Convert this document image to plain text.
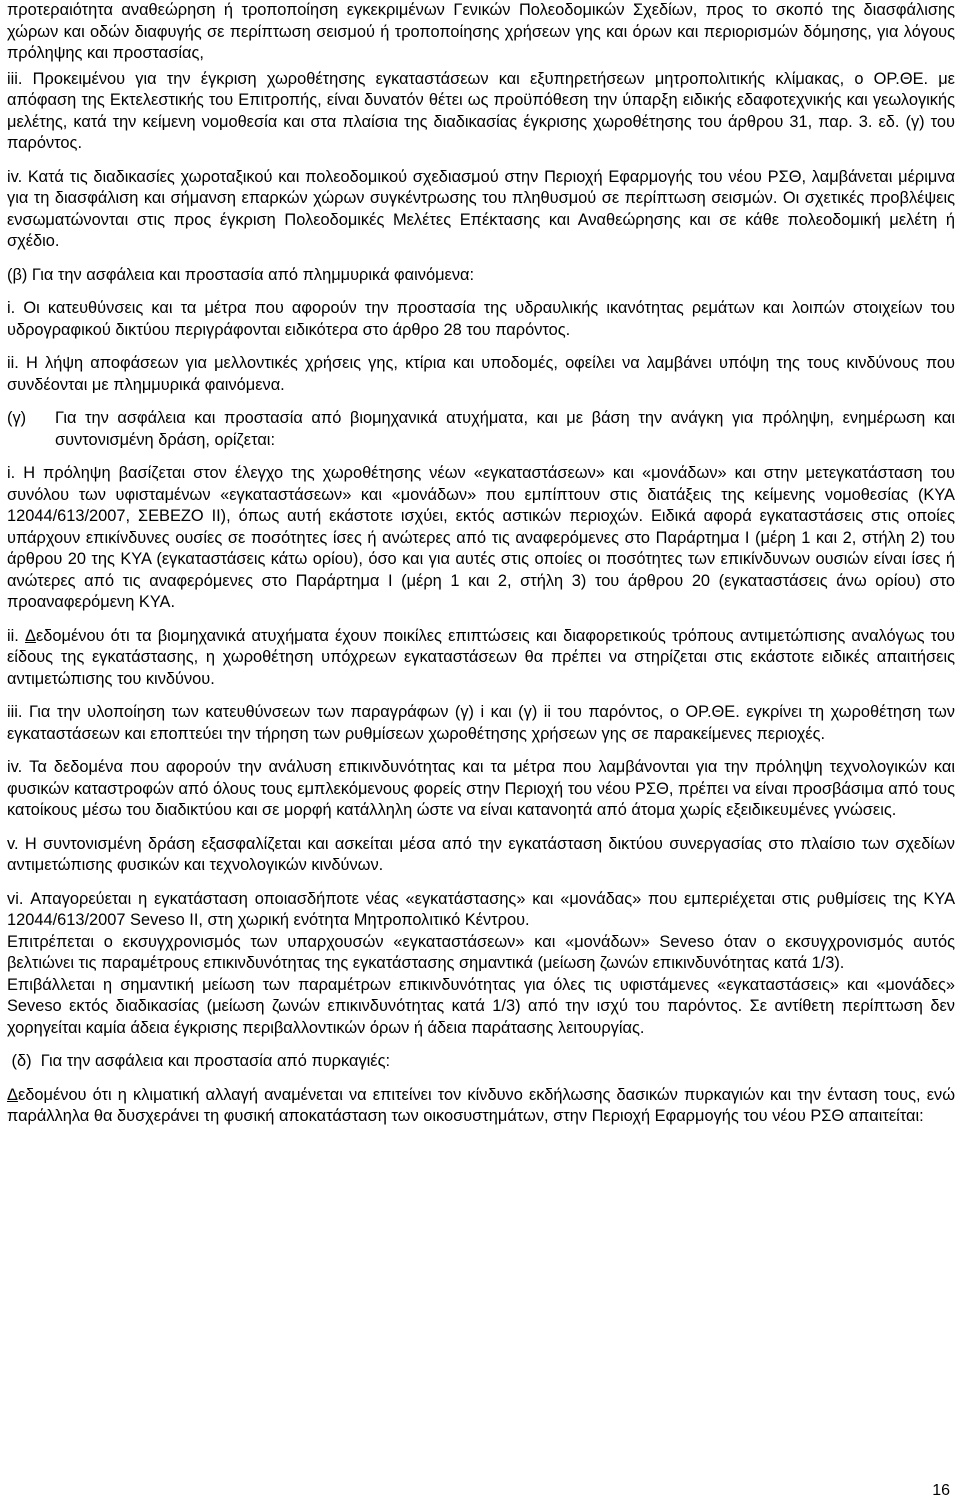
προτεραιότητα αναθεώρηση ή τροποποίηση εγκεκριμένων Γενικών Πολεοδομικών Σχεδίων, προς το σκοπό της διασφάλισης χώρων και οδών διαφυγής σε περίπτωση σεισμού ή τροποποίησης χρήσεων γης και όρων και περιορισμών δόμησης, για λόγους πρόληψης και προστασίας,

iii. Προκειμένου για την έγκριση χωροθέτησης εγκαταστάσεων και εξυπηρετήσεων μητροπολιτικής κλίμακας, ο ΟΡ.ΘΕ. με απόφαση της Εκτελεστικής του Επιτροπής, είναι δυνατόν θέτει ως προϋπόθεση την ύπαρξη ειδικής εδαφοτεχνικής και γεωλογικής μελέτης, κατά την κείμενη νομοθεσία και στα πλαίσια της διαδικασίας έγκρισης χωροθέτησης του άρθρου 31, παρ. 3. εδ. (γ) του παρόντος.

iv. Κατά τις διαδικασίες χωροταξικού και πολεοδομικού σχεδιασμού στην Περιοχή Εφαρμογής του νέου ΡΣΘ, λαμβάνεται μέριμνα για τη διασφάλιση και σήμανση επαρκών χώρων συγκέντρωσης του πληθυσμού σε περίπτωση σεισμών. Οι σχετικές προβλέψεις ενσωματώνονται στις προς έγκριση Πολεοδομικές Μελέτες Επέκτασης και Αναθεώρησης και σε κάθε πολεοδομική μελέτη ή σχέδιο.

(β) Για την ασφάλεια και προστασία από πλημμυρικά φαινόμενα:

i. Οι κατευθύνσεις και τα μέτρα που αφορούν την προστασία της υδραυλικής ικανότητας ρεμάτων και λοιπών στοιχείων του υδρογραφικού δικτύου περιγράφονται ειδικότερα στο άρθρο 28 του παρόντος.

ii. Η λήψη αποφάσεων για μελλοντικές χρήσεις γης, κτίρια και υποδομές, οφείλει να λαμβάνει υπόψη της τους κινδύνους που συνδέονται με πλημμυρικά φαινόμενα.

(γ)	Για την ασφάλεια και προστασία από βιομηχανικά ατυχήματα, και με βάση την ανάγκη για πρόληψη, ενημέρωση και συντονισμένη δράση, ορίζεται:

i. Η πρόληψη βασίζεται στον έλεγχο της χωροθέτησης νέων «εγκαταστάσεων» και «μονάδων» και στην μετεγκατάσταση του συνόλου των υφισταμένων «εγκαταστάσεων» και «μονάδων» που εμπίπτουν στις διατάξεις της κείμενης νομοθεσίας (ΚΥΑ 12044/613/2007, ΣΕΒΕΖΟ ΙΙ), όπως αυτή εκάστοτε ισχύει, εκτός αστικών περιοχών. Ειδικά αφορά εγκαταστάσεις στις οποίες υπάρχουν επικίνδυνες ουσίες σε ποσότητες ίσες ή ανώτερες από τις αναφερόμενες στο Παράρτημα Ι (μέρη 1 και 2, στήλη 2) του άρθρου 20 της ΚΥΑ (εγκαταστάσεις κάτω ορίου), όσο και για αυτές στις οποίες οι ποσότητες των επικίνδυνων ουσιών είναι ίσες ή ανώτερες από τις αναφερόμενες στο Παράρτημα Ι (μέρη 1 και 2, στήλη 3) του άρθρου 20 (εγκαταστάσεις άνω ορίου) στο προαναφερόμενη ΚΥΑ.

ii. Δεδομένου ότι τα βιομηχανικά ατυχήματα έχουν ποικίλες επιπτώσεις και διαφορετικούς τρόπους αντιμετώπισης αναλόγως του είδους της εγκατάστασης, η χωροθέτηση υπόχρεων εγκαταστάσεων θα πρέπει να στηρίζεται στις εκάστοτε ειδικές απαιτήσεις αντιμετώπισης του κινδύνου.

iii. Για την υλοποίηση των κατευθύνσεων των παραγράφων (γ) i και (γ) ii του παρόντος, ο ΟΡ.ΘΕ. εγκρίνει τη χωροθέτηση των εγκαταστάσεων και εποπτεύει την τήρηση των ρυθμίσεων χωροθέτησης χρήσεων γης σε παρακείμενες περιοχές.

iv. Τα δεδομένα που αφορούν την ανάλυση επικινδυνότητας και τα μέτρα που λαμβάνονται για την πρόληψη τεχνολογικών και φυσικών καταστροφών από όλους τους εμπλεκόμενους φορείς στην Περιοχή του νέου ΡΣΘ, πρέπει να είναι προσβάσιμα από τους κατοίκους μέσω του διαδικτύου και σε μορφή κατάλληλη ώστε να είναι κατανοητά από άτομα χωρίς εξειδικευμένες γνώσεις.

v. Η συντονισμένη δράση εξασφαλίζεται και ασκείται μέσα από την εγκατάσταση δικτύου συνεργασίας στο πλαίσιο των σχεδίων αντιμετώπισης φυσικών και τεχνολογικών κινδύνων.

vi. Απαγορεύεται η εγκατάσταση οποιασδήποτε νέας «εγκατάστασης» και «μονάδας» που εμπεριέχεται στις ρυθμίσεις της ΚΥΑ 12044/613/2007 Seveso II, στη χωρική ενότητα Μητροπολιτικό Κέντρου.

Επιτρέπεται ο εκσυγχρονισμός των υπαρχουσών «εγκαταστάσεων» και «μονάδων» Seveso όταν ο εκσυγχρονισμός αυτός βελτιώνει τις παραμέτρους επικινδυνότητας της εγκατάστασης σημαντικά (μείωση ζωνών επικινδυνότητας κατά 1/3).

Επιβάλλεται η σημαντική μείωση των παραμέτρων επικινδυνότητας για όλες τις υφιστάμενες «εγκαταστάσεις» και «μονάδες» Seveso εκτός διαδικασίας (μείωση ζωνών επικινδυνότητας κατά 1/3) από την ισχύ του παρόντος. Σε αντίθετη περίπτωση δεν χορηγείται καμία άδεια έγκρισης περιβαλλοντικών όρων ή άδεια παράτασης λειτουργίας.

(δ)  Για την ασφάλεια και προστασία από πυρκαγιές:

Δεδομένου ότι η κλιματική αλλαγή αναμένεται να επιτείνει τον κίνδυνο εκδήλωσης δασικών πυρκαγιών και την ένταση τους, ενώ παράλληλα θα δυσχεράνει τη φυσική αποκατάσταση των οικοσυστημάτων, στην Περιοχή Εφαρμογής του νέου ΡΣΘ απαιτείται:

16
